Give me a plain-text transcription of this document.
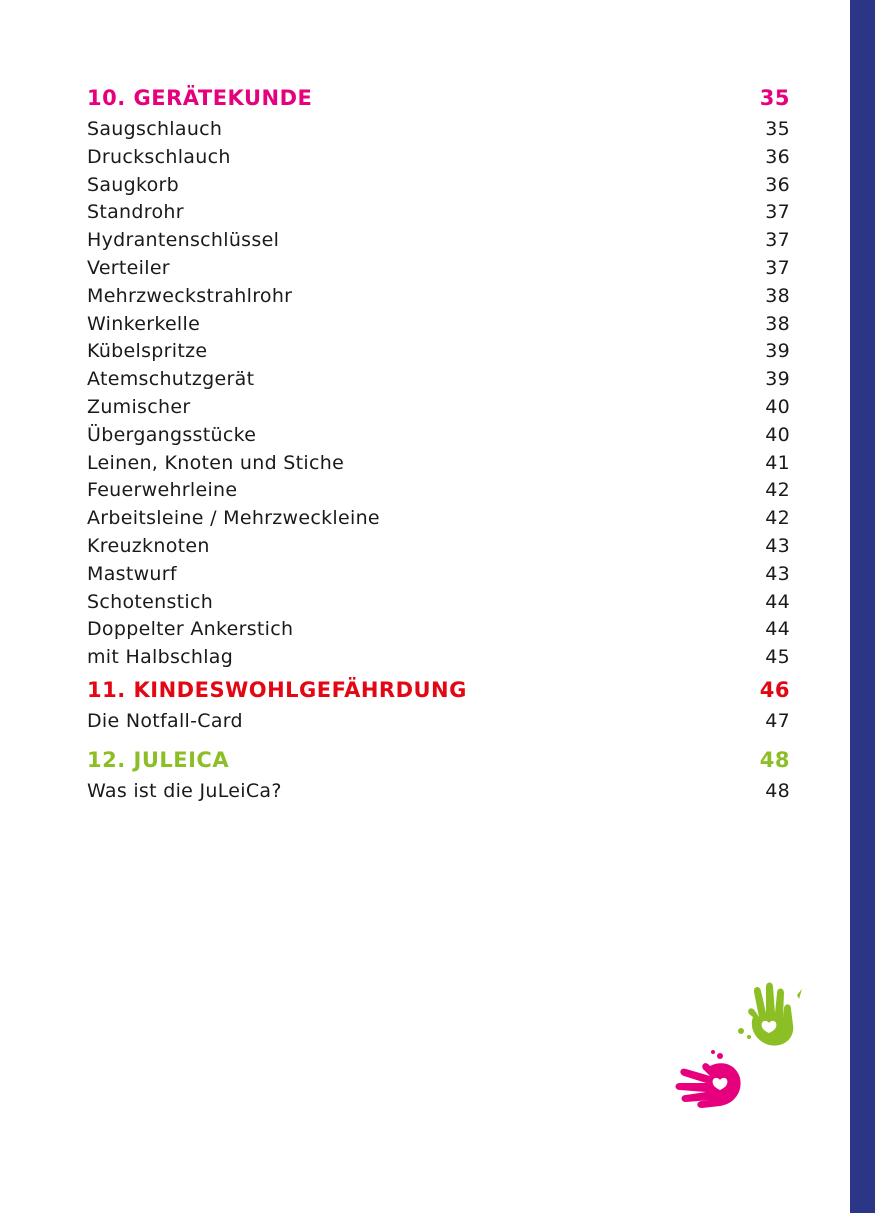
10. GERÄTEKUNDE	35
Saugschlauch	35
Druckschlauch	36
Saugkorb	36
Standrohr	37
Hydrantenschlüssel	37
Verteiler	37
Mehrzweckstrahlrohr	38
Winkerkelle	38
Kübelspritze	39
Atemschutzgerät	39
Zumischer	40
Übergangsstücke	40
Leinen, Knoten und Stiche	41
Feuerwehrleine	42
Arbeitsleine / Mehrzweckleine	42
Kreuzknoten	43
Mastwurf	43
Schotenstich	44
Doppelter Ankerstich	44
mit Halbschlag	45
11. KINDESWOHLGEFÄHRDUNG	46
Die Notfall-Card	47
12. JULEICA	48
Was ist die JuLeiCa?	48
